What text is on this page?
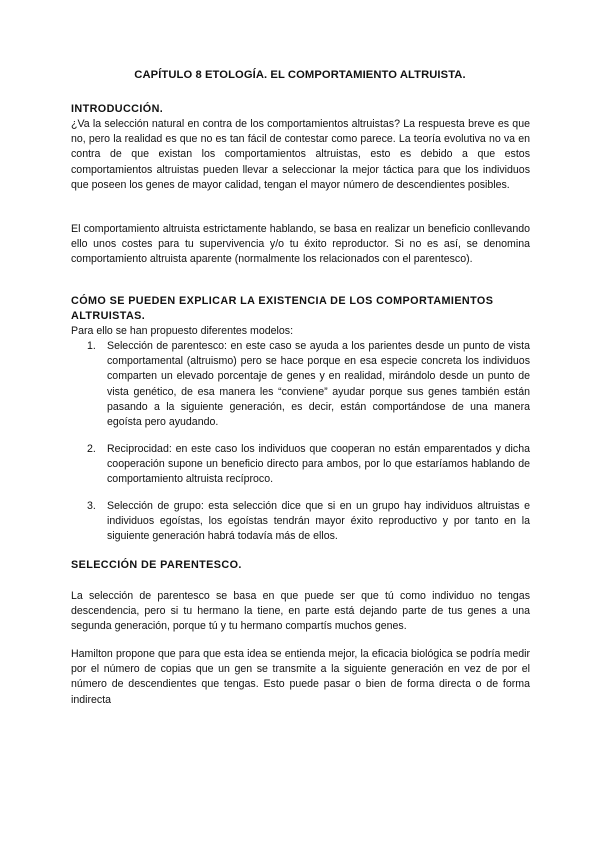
CAPÍTULO 8 ETOLOGÍA. EL COMPORTAMIENTO ALTRUISTA.
INTRODUCCIÓN.

¿Va la selección natural en contra de los comportamientos altruistas? La respuesta breve es que no, pero la realidad es que no es tan fácil de contestar como parece. La teoría evolutiva no va en contra de que existan los comportamientos altruistas, esto es debido a que estos comportamientos altruistas pueden llevar a seleccionar la mejor táctica para que los individuos que poseen los genes de mayor calidad, tengan el mayor número de descendientes posibles.

El comportamiento altruista estrictamente hablando, se basa en realizar un beneficio conllevando ello unos costes para tu supervivencia y/o tu éxito reproductor. Si no es así, se denomina comportamiento altruista aparente (normalmente los relacionados con el parentesco).

CÓMO SE PUEDEN EXPLICAR LA EXISTENCIA DE LOS COMPORTAMIENTOS ALTRUISTAS.

Para ello se han propuesto diferentes modelos:

1. Selección de parentesco: en este caso se ayuda a los parientes desde un punto de vista comportamental (altruismo) pero se hace porque en esa especie concreta los individuos comparten un elevado porcentaje de genes y en realidad, mirándolo desde un punto de vista genético, de esa manera les “conviene” ayudar porque sus genes también están pasando a la siguiente generación, es decir, están comportándose de una manera egoísta pero ayudando.
2. Reciprocidad: en este caso los individuos que cooperan no están emparentados y dicha cooperación supone un beneficio directo para ambos, por lo que estaríamos hablando de comportamiento altruista recíproco.
3. Selección de grupo: esta selección dice que si en un grupo hay individuos altruistas e individuos egoístas, los egoístas tendrán mayor éxito reproductivo y por tanto en la siguiente generación habrá todavía más de ellos.
SELECCIÓN DE PARENTESCO.

La selección de parentesco se basa en que puede ser que tú como individuo no tengas descendencia, pero si tu hermano la tiene, en parte está dejando parte de tus genes a una segunda generación, porque tú y tu hermano compartís muchos genes.

Hamilton propone que para que esta idea se entienda mejor, la eficacia biológica se podría medir por el número de copias que un gen se transmite a la siguiente generación en vez de por el número de descendientes que tengas. Esto puede pasar o bien de forma directa o de forma indirecta
